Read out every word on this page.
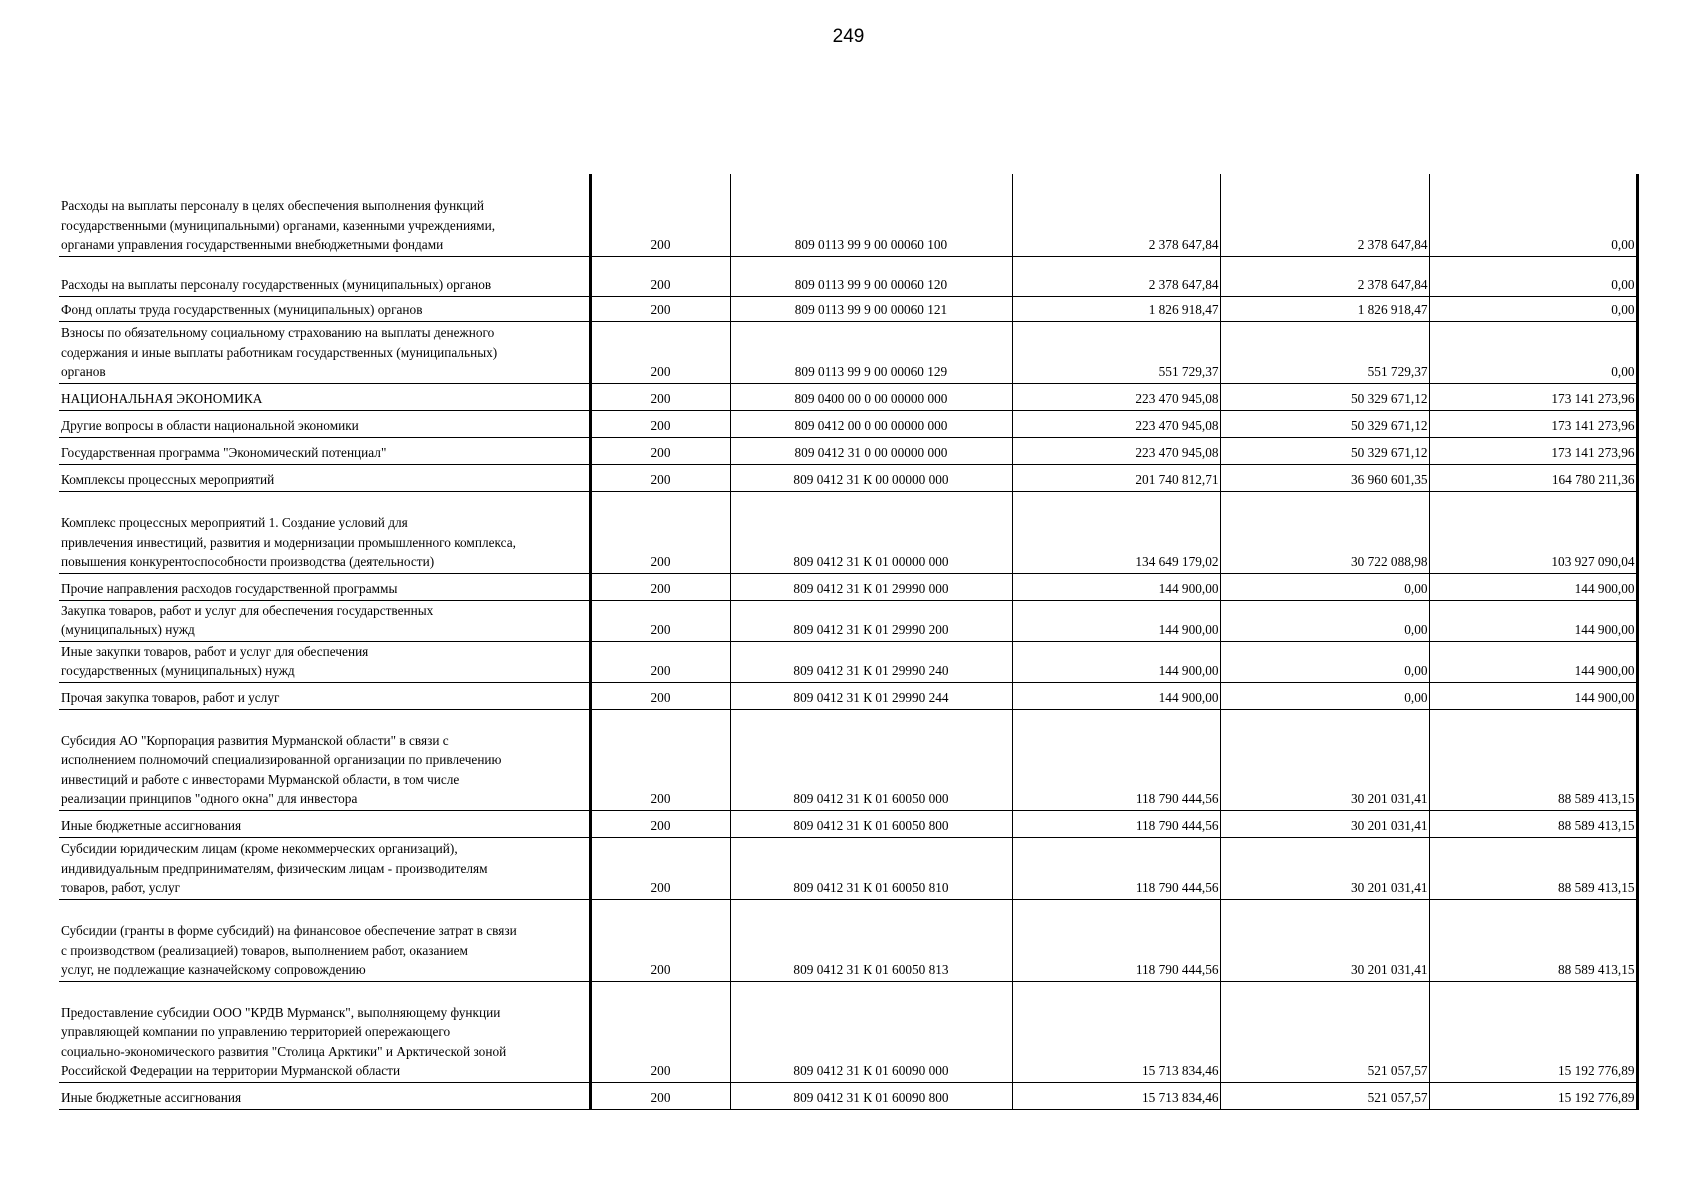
249
Расходы на выплаты персоналу в целях обеспечения выполнения функций
государственными (муниципальными) органами, казенными учреждениями,
органами управления государственными внебюджетными фондами	200	809 0113 99 9 00 00060 100	2 378 647,84	2 378 647,84	0,00
Расходы на выплаты персоналу государственных (муниципальных) органов	200	809 0113 99 9 00 00060 120	2 378 647,84	2 378 647,84	0,00
Фонд оплаты труда государственных (муниципальных) органов	200	809 0113 99 9 00 00060 121	1 826 918,47	1 826 918,47	0,00

Взносы по обязательному социальному страхованию на выплаты денежного
содержания и иные выплаты работникам государственных (муниципальных)
органов	200	809 0113 99 9 00 00060 129	551 729,37	551 729,37	0,00
НАЦИОНАЛЬНАЯ ЭКОНОМИКА	200	809 0400 00 0 00 00000 000	223 470 945,08	50 329 671,12	173 141 273,96
Другие вопросы в области национальной экономики	200	809 0412 00 0 00 00000 000	223 470 945,08	50 329 671,12	173 141 273,96
Государственная программа "Экономический потенциал"	200	809 0412 31 0 00 00000 000	223 470 945,08	50 329 671,12	173 141 273,96
Комплексы процессных мероприятий	200	809 0412 31 К 00 00000 000	201 740 812,71	36 960 601,35	164 780 211,36

Комплекс процессных мероприятий 1. Создание условий для
привлечения инвестиций, развития и модернизации промышленного комплекса,
повышения конкурентоспособности производства (деятельности)	200	809 0412 31 К 01 00000 000	134 649 179,02	30 722 088,98	103 927 090,04
Прочие направления расходов государственной программы	200	809 0412 31 К 01 29990 000	144 900,00	0,00	144 900,00

Закупка товаров, работ и услуг для обеспечения государственных
(муниципальных) нужд	200	809 0412 31 К 01 29990 200	144 900,00	0,00	144 900,00

Иные закупки товаров, работ и услуг для обеспечения
государственных (муниципальных) нужд	200	809 0412 31 К 01 29990 240	144 900,00	0,00	144 900,00
Прочая закупка товаров, работ и услуг	200	809 0412 31 К 01 29990 244	144 900,00	0,00	144 900,00

Субсидия АО "Корпорация развития Мурманской области" в связи с
исполнением полномочий специализированной организации по привлечению
инвестиций и работе с инвесторами Мурманской области, в том числе
реализации принципов "одного окна" для инвестора	200	809 0412 31 К 01 60050 000	118 790 444,56	30 201 031,41	88 589 413,15
Иные бюджетные ассигнования	200	809 0412 31 К 01 60050 800	118 790 444,56	30 201 031,41	88 589 413,15

Субсидии юридическим лицам (кроме некоммерческих организаций),
индивидуальным предпринимателям, физическим лицам - производителям
товаров, работ, услуг	200	809 0412 31 К 01 60050 810	118 790 444,56	30 201 031,41	88 589 413,15

Субсидии (гранты в форме субсидий) на финансовое обеспечение затрат в связи
с производством (реализацией) товаров, выполнением работ, оказанием
услуг, не подлежащие казначейскому сопровождению	200	809 0412 31 К 01 60050 813	118 790 444,56	30 201 031,41	88 589 413,15

Предоставление субсидии ООО "КРДВ Мурманск", выполняющему функции
управляющей компании по управлению территорией опережающего
социально-экономического развития "Столица Арктики" и Арктической зоной
Российской Федерации на территории Мурманской области	200	809 0412 31 К 01 60090 000	15 713 834,46	521 057,57	15 192 776,89
Иные бюджетные ассигнования	200	809 0412 31 К 01 60090 800	15 713 834,46	521 057,57	15 192 776,89
